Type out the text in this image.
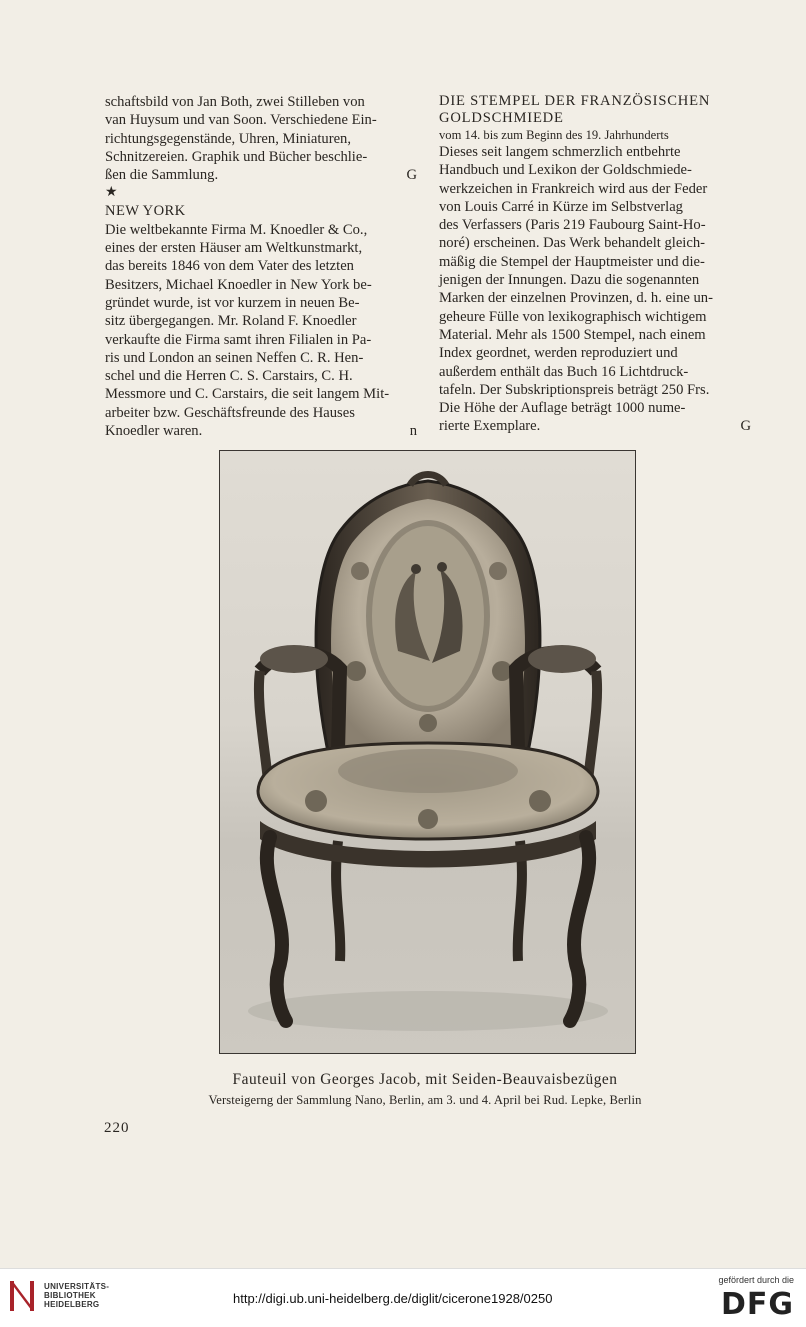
schaftsbild von Jan Both, zwei Stilleben von
van Huysum und van Soon. Verschiedene Ein-
richtungsgegenstände, Uhren, Miniaturen,
Schnitzereien. Graphik und Bücher beschlie-

ßen die Sammlung.	G

★

NEW YORK

Die weltbekannte Firma M. Knoedler & Co.,
eines der ersten Häuser am Weltkunstmarkt,
das bereits 1846 von dem Vater des letzten
Besitzers, Michael Knoedler in New York be-
gründet wurde, ist vor kurzem in neuen Be-
sitz übergegangen. Mr. Roland F. Knoedler
verkaufte die Firma samt ihren Filialen in Pa-
ris und London an seinen Neffen C. R. Hen-
schel und die Herren C. S. Carstairs, C. H.
Messmore und C. Carstairs, die seit langem Mit-
arbeiter bzw. Geschäftsfreunde des Hauses

Knoedler waren.	n

DIE STEMPEL DER FRANZÖSISCHEN

GOLDSCHMIEDE

vom 14. bis zum Beginn des 19. Jahrhunderts

Dieses seit langem schmerzlich entbehrte
Handbuch und Lexikon der Goldschmiede-
werkzeichen in Frankreich wird aus der Feder
von Louis Carré in Kürze im Selbstverlag
des Verfassers (Paris 219 Faubourg Saint-Ho-
noré) erscheinen. Das Werk behandelt gleich-
mäßig die Stempel der Hauptmeister und die-
jenigen der Innungen. Dazu die sogenannten
Marken der einzelnen Provinzen, d. h. eine un-
geheure Fülle von lexikographisch wichtigem
Material. Mehr als 1500 Stempel, nach einem
Index geordnet, werden reproduziert und
außerdem enthält das Buch 16 Lichtdruck-
tafeln. Der Subskriptionspreis beträgt 250 Frs.
Die Höhe der Auflage beträgt 1000 nume-

rierte Exemplare.	G

Fauteuil von Georges Jacob, mit Seiden-Beauvaisbezügen

Versteigerng der Sammlung Nano, Berlin, am 3. und 4. April bei Rud. Lepke, Berlin

220

UNIVERSITÄTS-
BIBLIOTHEK
HEIDELBERG	http://digi.ub.uni-heidelberg.de/diglit/cicerone1928/0250
gefördert durch die
DFG
